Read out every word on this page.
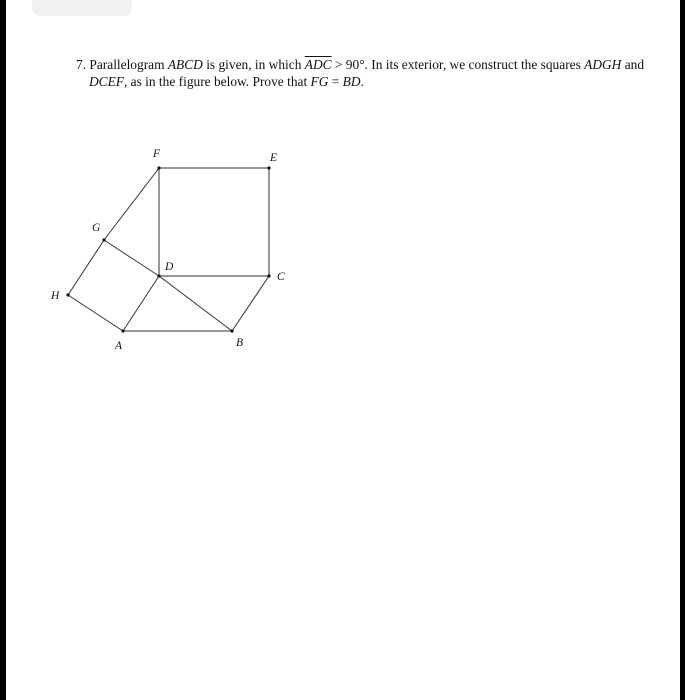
7. Parallelogram ABCD is given, in which $\overline{ADC} > 90^\circ$. In its exterior, we construct the squares ADGH and
DCEF, as in the figure below. Prove that FG = BD.
A	B
C
D
E
F
G
H
